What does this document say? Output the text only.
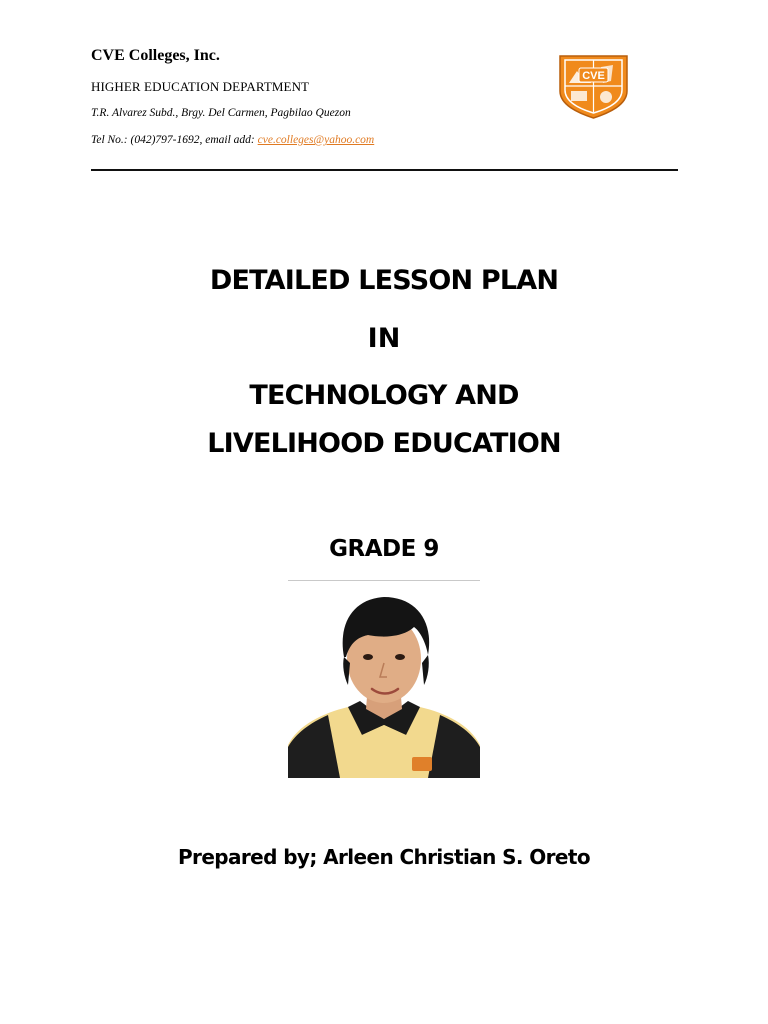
CVE Colleges, Inc.
HIGHER EDUCATION DEPARTMENT
T.R. Alvarez Subd., Brgy. Del Carmen, Pagbilao Quezon
Tel No.: (042)797-1692, email add: cve.colleges@yahoo.com
CVE
DETAILED LESSON PLAN
IN
TECHNOLOGY AND
LIVELIHOOD EDUCATION
GRADE 9
Prepared by; Arleen Christian S. Oreto
